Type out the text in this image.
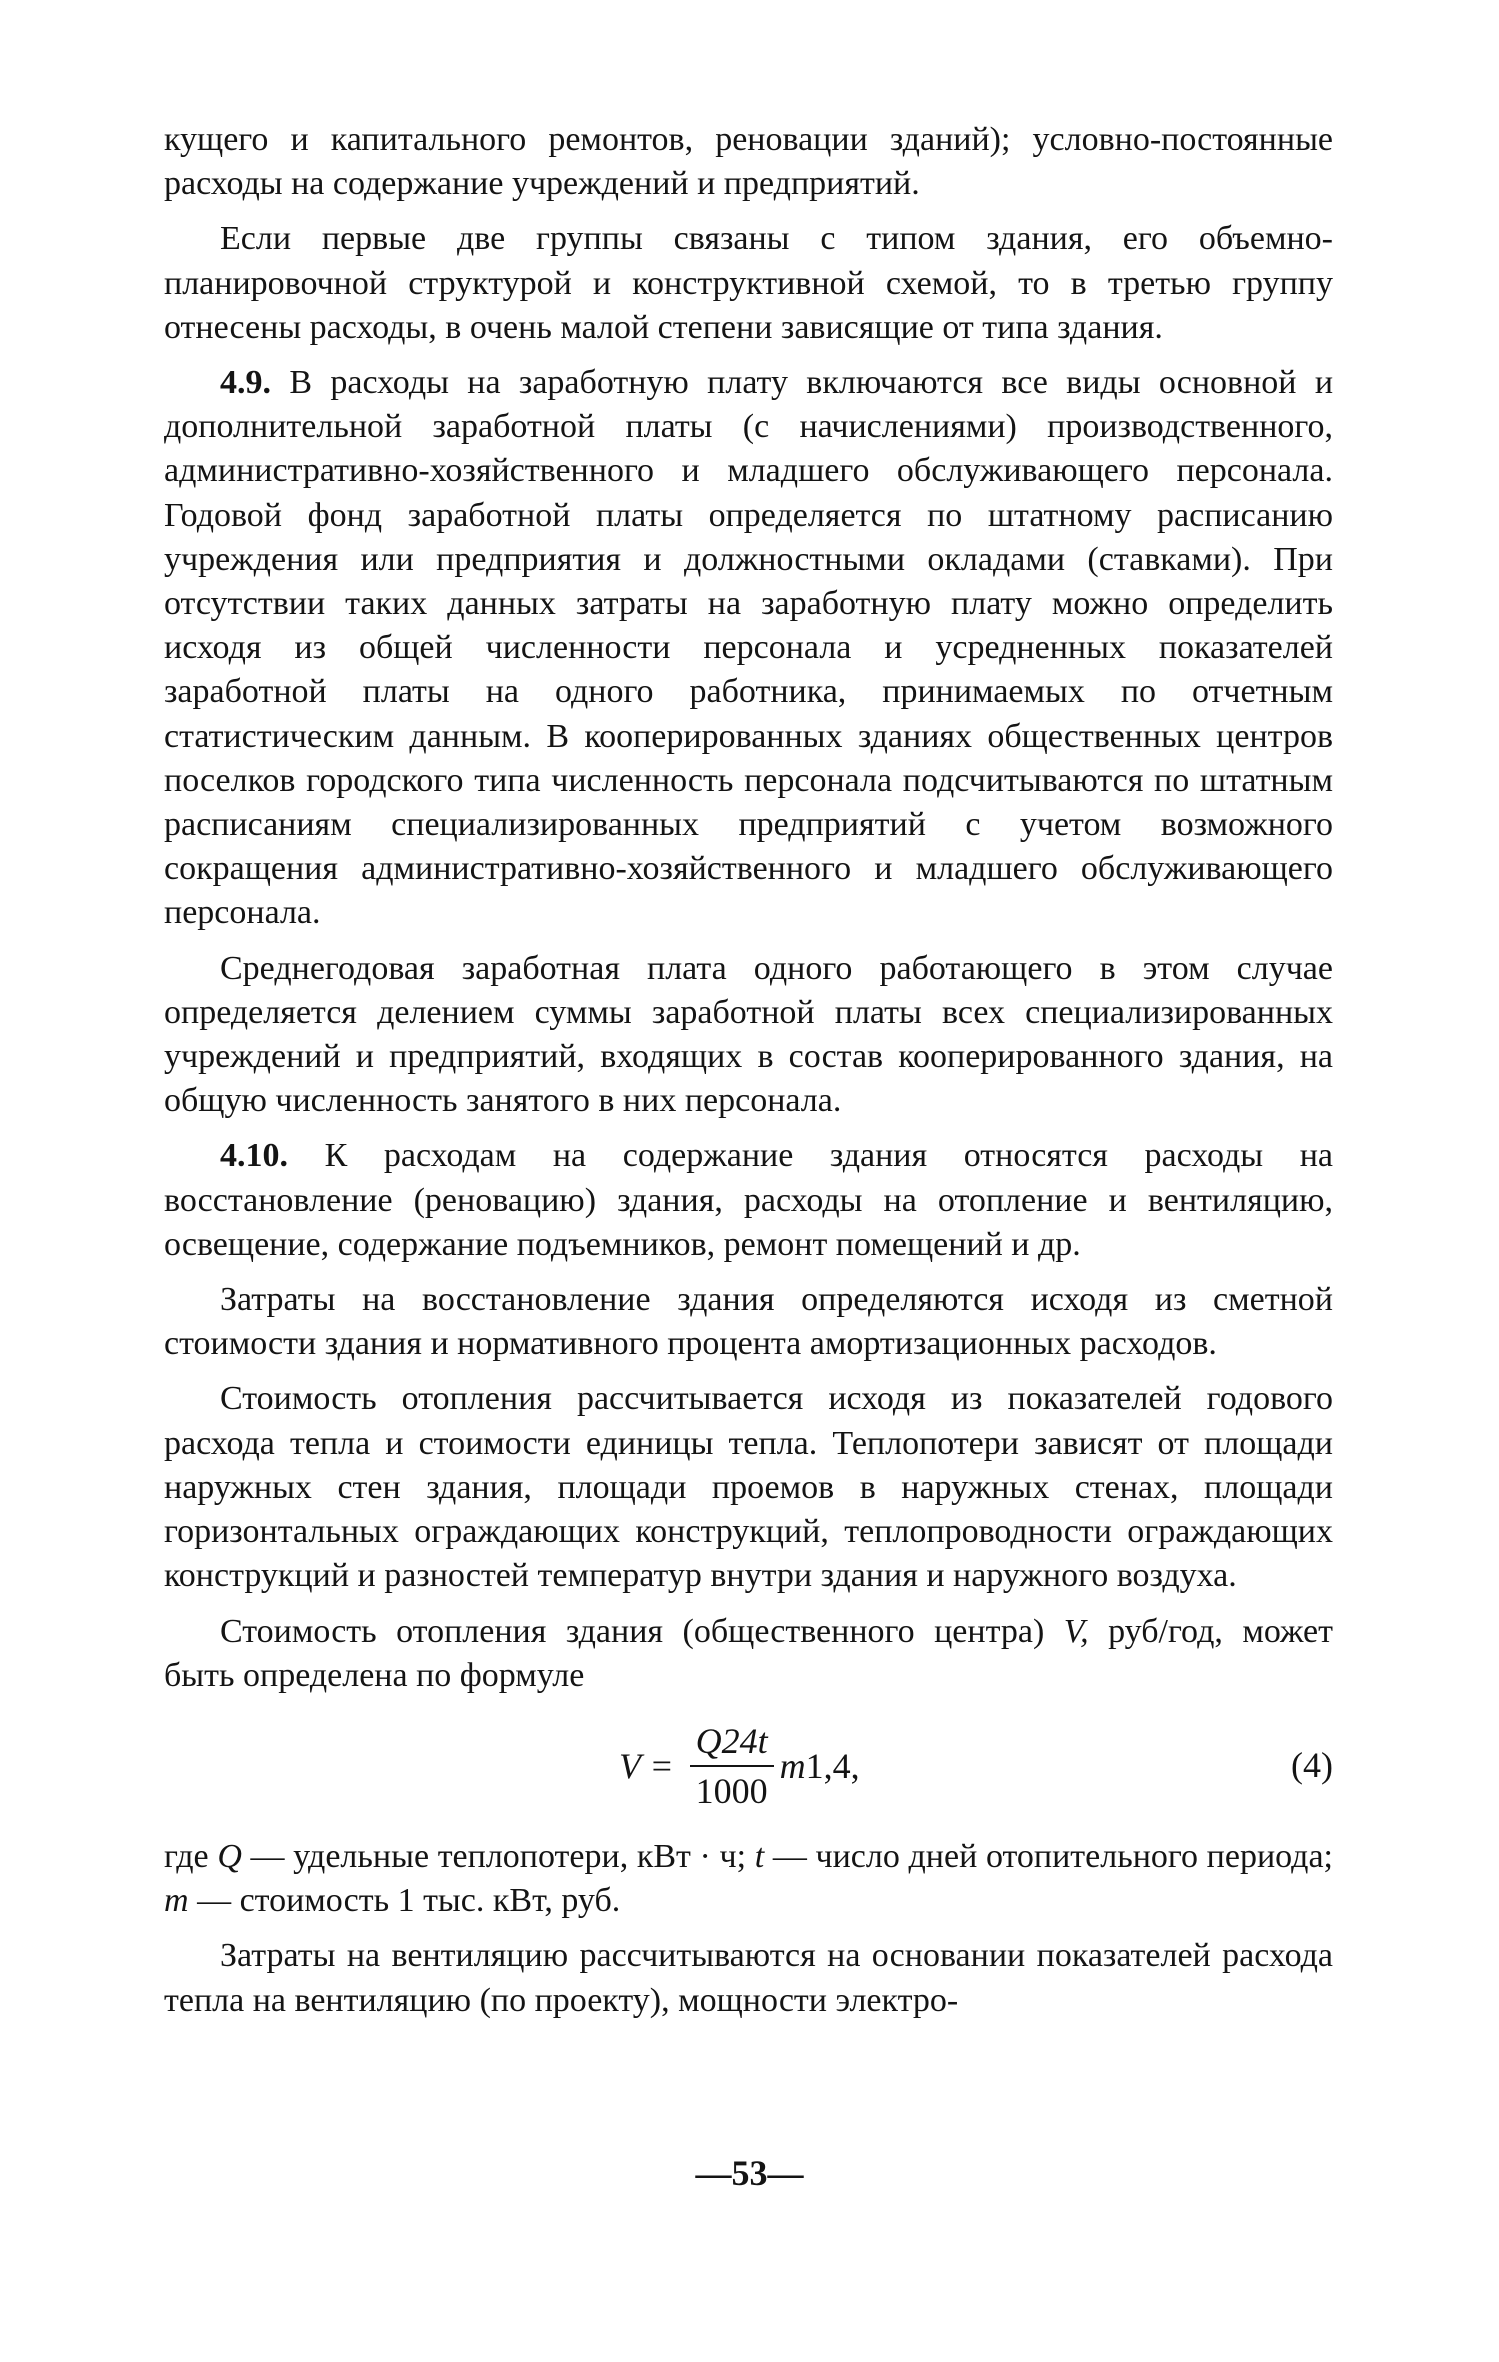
кущего и капитального ремонтов, реновации зданий); условно-постоянные расходы на содержание учреждений и предприятий.

Если первые две группы связаны с типом здания, его объемно-планировочной структурой и конструктивной схемой, то в третью группу отнесены расходы, в очень малой степени зависящие от типа здания.

4.9. В расходы на заработную плату включаются все виды основной и дополнительной заработной платы (с начислениями) производственного, административно-хозяйственного и младшего обслуживающего персонала. Годовой фонд заработной платы определяется по штатному расписанию учреждения или предприятия и должностными окладами (ставками). При отсутствии таких данных затраты на заработную плату можно определить исходя из общей численности персонала и усредненных показателей заработной платы на одного работника, принимаемых по отчетным статистическим данным. В кооперированных зданиях общественных центров поселков городского типа численность персонала подсчитываются по штатным расписаниям специализированных предприятий с учетом возможного сокращения административно-хозяйственного и младшего обслуживающего персонала.

Среднегодовая заработная плата одного работающего в этом случае определяется делением суммы заработной платы всех специализированных учреждений и предприятий, входящих в состав кооперированного здания, на общую численность занятого в них персонала.

4.10. К расходам на содержание здания относятся расходы на восстановление (реновацию) здания, расходы на отопление и вентиляцию, освещение, содержание подъемников, ремонт помещений и др.

Затраты на восстановление здания определяются исходя из сметной стоимости здания и нормативного процента амортизационных расходов.

Стоимость отопления рассчитывается исходя из показателей годового расхода тепла и стоимости единицы тепла. Теплопотери зависят от площади наружных стен здания, площади проемов в наружных стенах, площади горизонтальных ограждающих конструкций, теплопроводности ограждающих конструкций и разностей температур внутри здания и наружного воздуха.

Стоимость отопления здания (общественного центра) V, руб/год, может быть определена по формуле

$V = \frac{Q24t}{1000} m1,4$,	(4)

где Q — удельные теплопотери, кВт · ч; t — число дней отопительного периода; m — стоимость 1 тыс. кВт, руб.

Затраты на вентиляцию рассчитываются на основании показателей расхода тепла на вентиляцию (по проекту), мощности электро-

—53—
